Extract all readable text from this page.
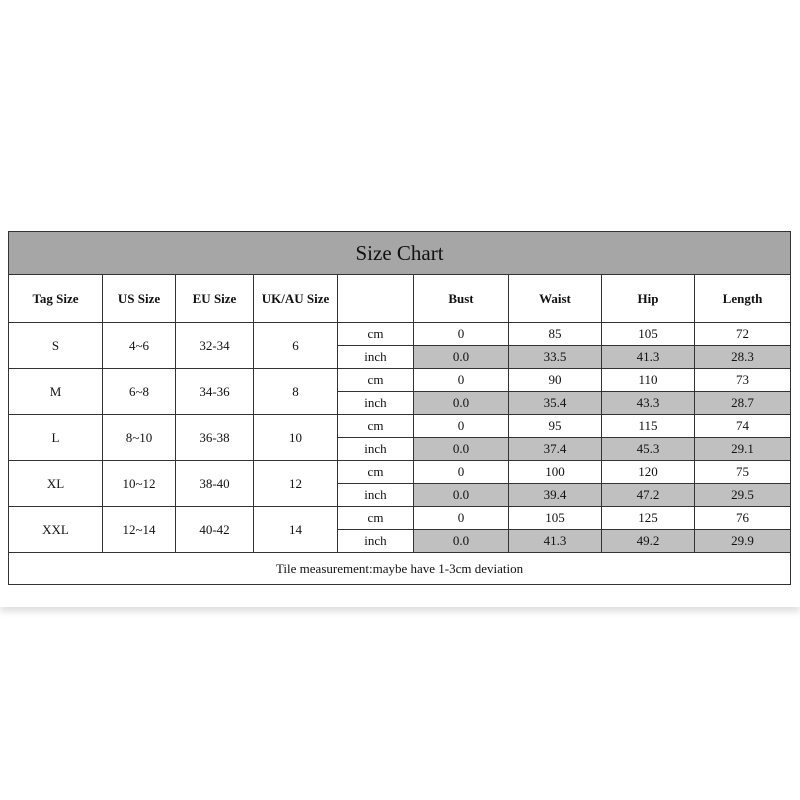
Size Chart								
Tag Size	US Size	EU Size	UK/AU Size		Bust	Waist	Hip	Length
S	4~6	32-34	6	cm	0	85	105	72
				inch	0.0	33.5	41.3	28.3
M	6~8	34-36	8	cm	0	90	110	73
				inch	0.0	35.4	43.3	28.7
L	8~10	36-38	10	cm	0	95	115	74
				inch	0.0	37.4	45.3	29.1
XL	10~12	38-40	12	cm	0	100	120	75
				inch	0.0	39.4	47.2	29.5
XXL	12~14	40-42	14	cm	0	105	125	76
				inch	0.0	41.3	49.2	29.9
Tile measurement:maybe have 1-3cm deviation								
